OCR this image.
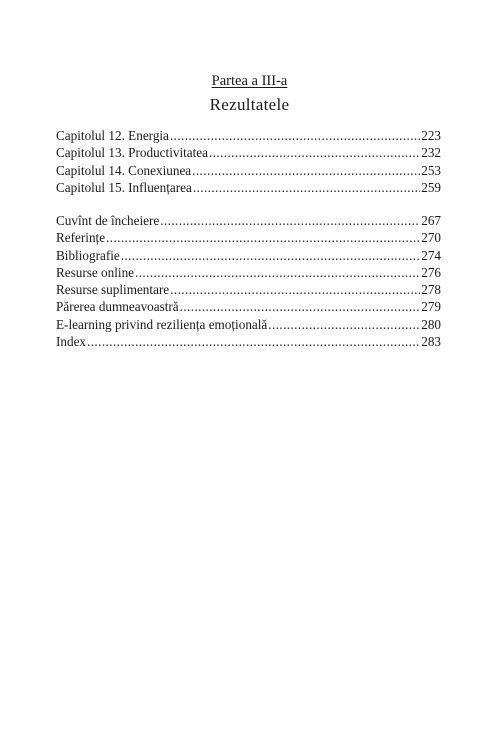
Partea a III-a
Rezultatele
Capitolul 12. Energia .....	223
Capitolul 13. Productivitatea .....	232
Capitolul 14. Conexiunea .....	253
Capitolul 15. Influențarea .....	259
Cuvînt de încheiere .....	267
Referințe .....	270
Bibliografie .....	274
Resurse online .....	276
Resurse suplimentare .....	278
Părerea dumneavoastră .....	279
E-learning privind reziliența emoțională .....	280
Index .....	283
